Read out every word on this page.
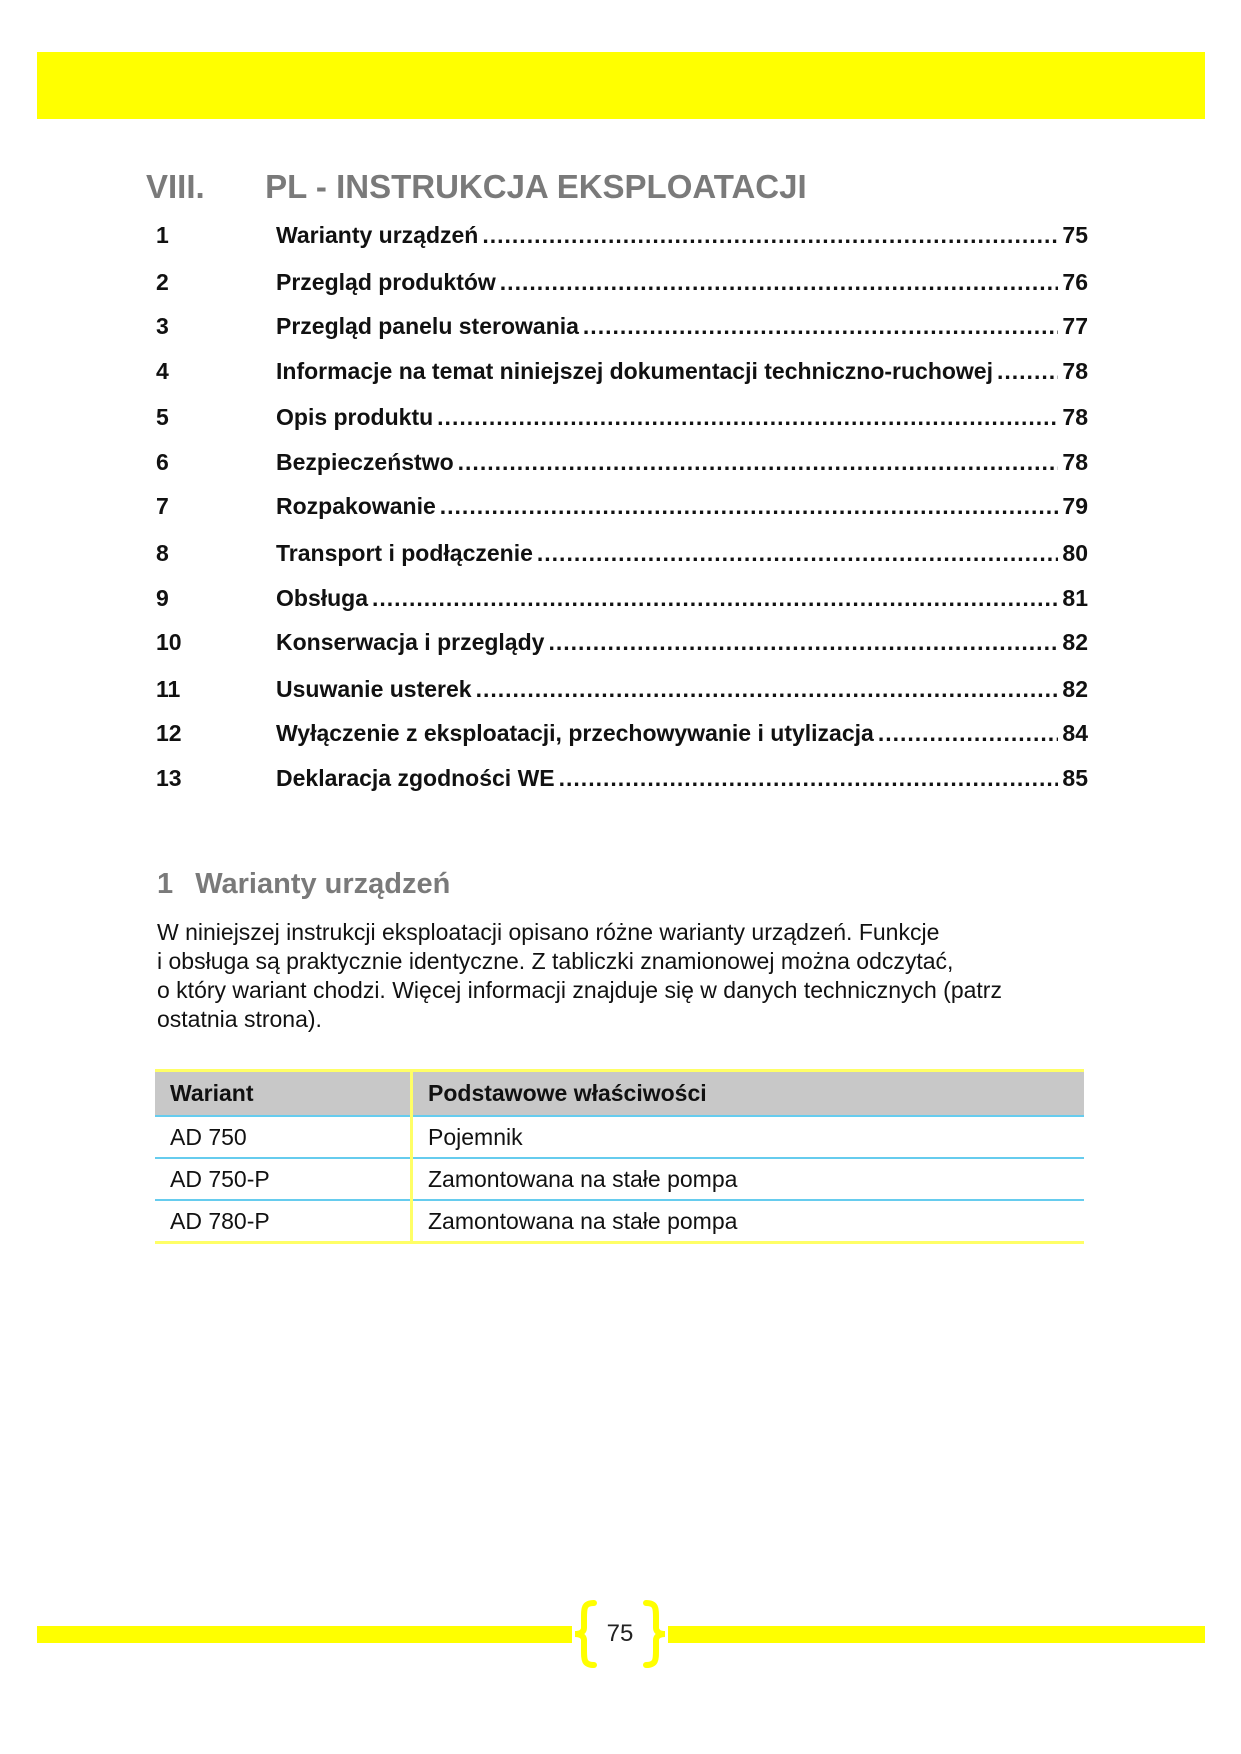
VIII. PL - INSTRUKCJA EKSPLOATACJI
1	Warianty urządzeń .....	75
2	Przegląd produktów .....	76
3	Przegląd panelu sterowania .....	77
4	Informacje na temat niniejszej dokumentacji techniczno-ruchowej .....	78
5	Opis produktu .....	78
6	Bezpieczeństwo .....	78
7	Rozpakowanie .....	79
8	Transport i podłączenie .....	80
9	Obsługa .....	81
10	Konserwacja i przeglądy .....	82
11	Usuwanie usterek .....	82
12	Wyłączenie z eksploatacji, przechowywanie i utylizacja .....	84
13	Deklaracja zgodności WE .....	85
1 Warianty urządzeń
W niniejszej instrukcji eksploatacji opisano różne warianty urządzeń. Funkcje
i obsługa są praktycznie identyczne. Z tabliczki znamionowej można odczytać,
o który wariant chodzi. Więcej informacji znajduje się w danych technicznych (patrz
ostatnia strona).
Wariant	Podstawowe właściwości
AD 750	Pojemnik
AD 750-P	Zamontowana na stałe pompa
AD 780-P	Zamontowana na stałe pompa
75
